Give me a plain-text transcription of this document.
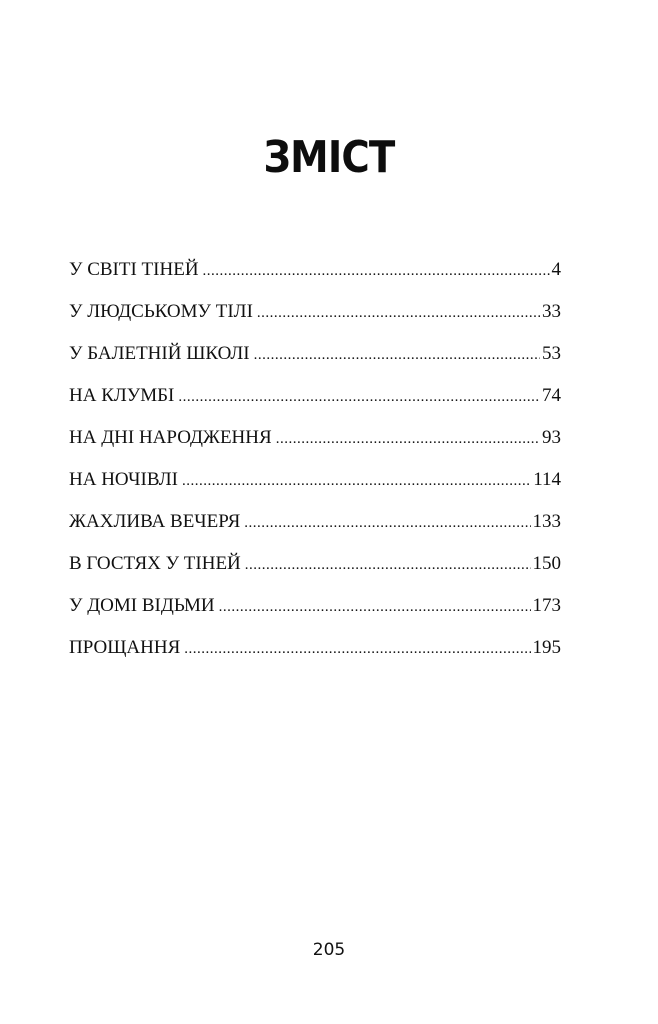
ЗМІСТ
У СВІТІ ТІНЕЙ .....	4
У ЛЮДСЬКОМУ ТІЛІ .....	33
У БАЛЕТНІЙ ШКОЛІ .....	53
НА КЛУМБІ .....	74
НА ДНІ НАРОДЖЕННЯ .....	93
НА НОЧІВЛІ .....	114
ЖАХЛИВА ВЕЧЕРЯ .....	133
В ГОСТЯХ У ТІНЕЙ .....	150
У ДОМІ ВІДЬМИ .....	173
ПРОЩАННЯ .....	195
205
